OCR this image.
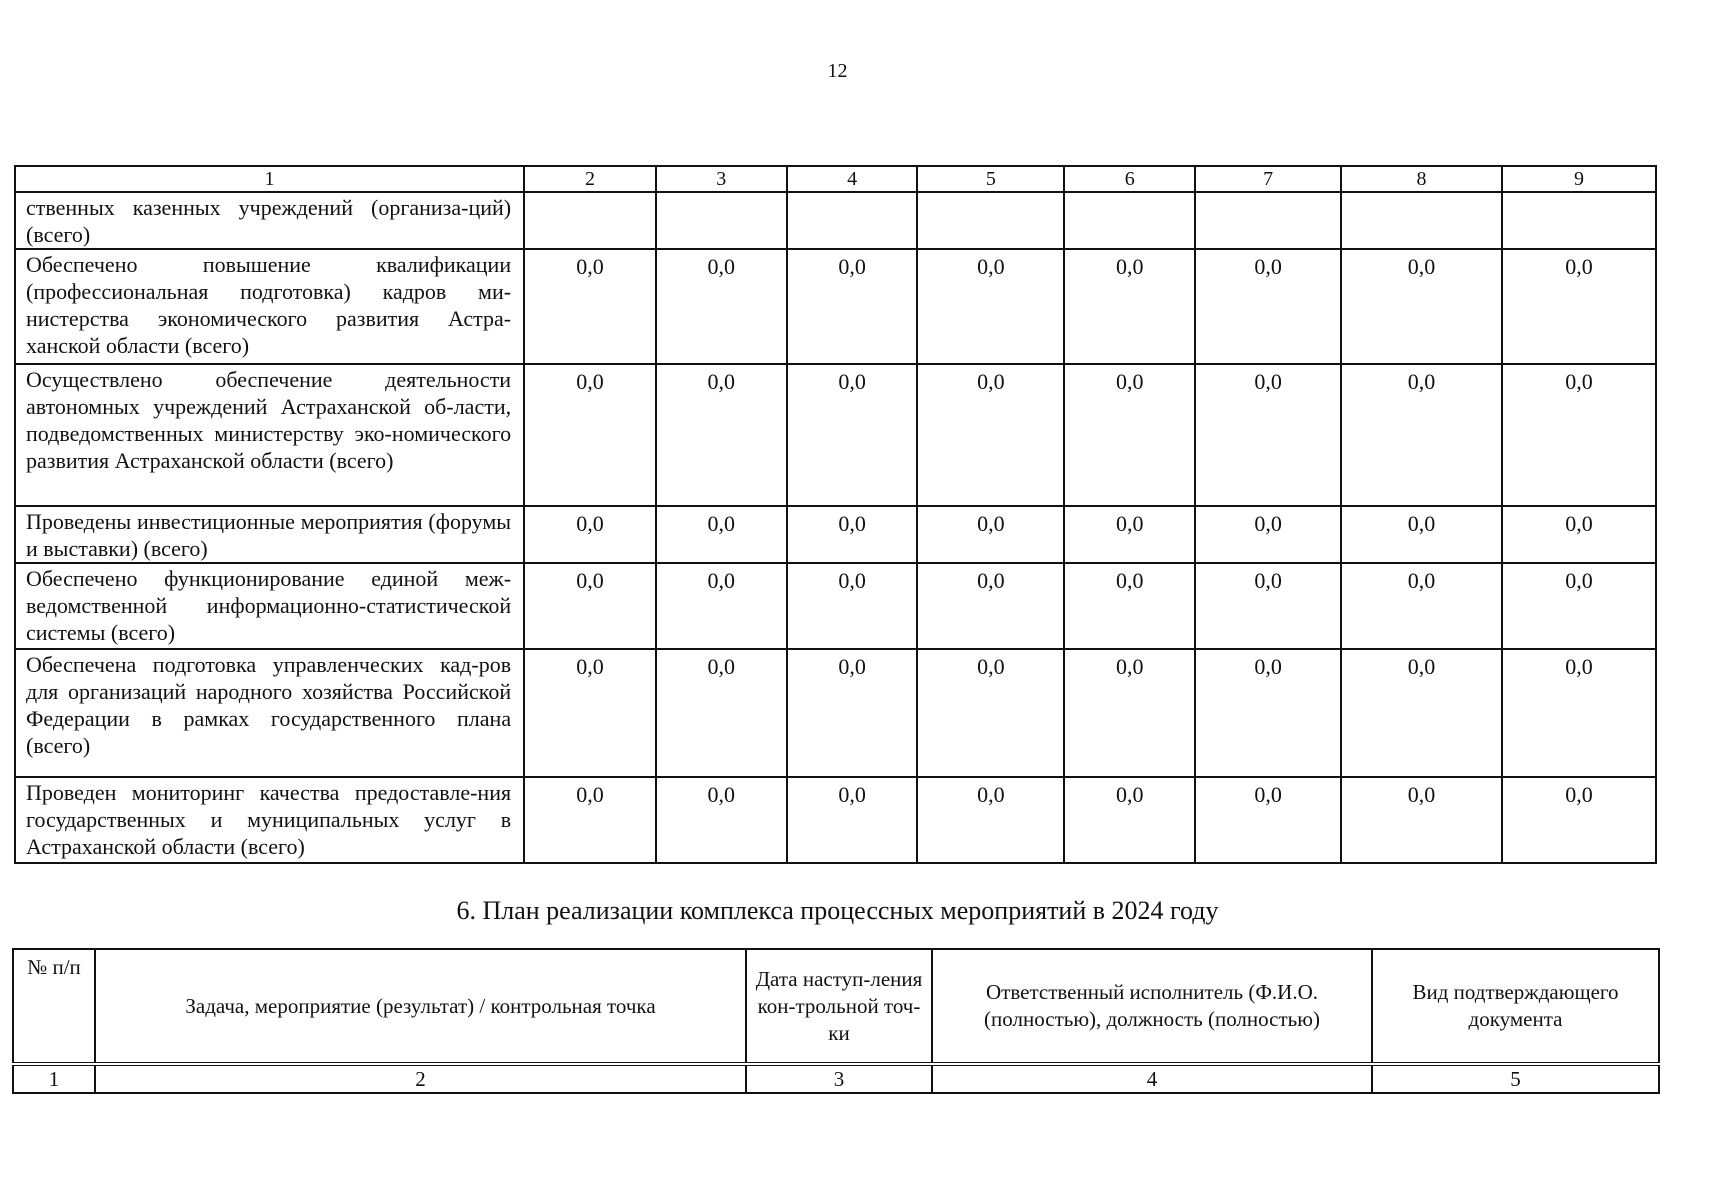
12
1	2	3	4	5	6	7	8	9
ственных казенных учреждений (организа-ций) (всего)								
Обеспечено повышение квалификации (профессиональная подготовка) кадров ми-нистерства экономического развития Астра-ханской области (всего)	0,0	0,0	0,0	0,0	0,0	0,0	0,0	0,0
Осуществлено обеспечение деятельности автономных учреждений Астраханской об-ласти, подведомственных министерству эко-номического развития Астраханской области (всего)	0,0	0,0	0,0	0,0	0,0	0,0	0,0	0,0
Проведены инвестиционные мероприятия (форумы и выставки) (всего)	0,0	0,0	0,0	0,0	0,0	0,0	0,0	0,0
Обеспечено функционирование единой меж-ведомственной информационно-статистической системы (всего)	0,0	0,0	0,0	0,0	0,0	0,0	0,0	0,0
Обеспечена подготовка управленческих кад-ров для организаций народного хозяйства Российской Федерации в рамках государственного плана (всего)	0,0	0,0	0,0	0,0	0,0	0,0	0,0	0,0
Проведен мониторинг качества предоставле-ния государственных и муниципальных услуг в Астраханской области (всего)	0,0	0,0	0,0	0,0	0,0	0,0	0,0	0,0
6. План реализации комплекса процессных мероприятий в 2024 году
№ п/п	Задача, мероприятие (результат) / контрольная точка	Дата наступ-ления кон-трольной точ-ки	Ответственный исполнитель (Ф.И.О. (полностью), должность (полностью)	Вид подтверждающего документа
1	2	3	4	5
